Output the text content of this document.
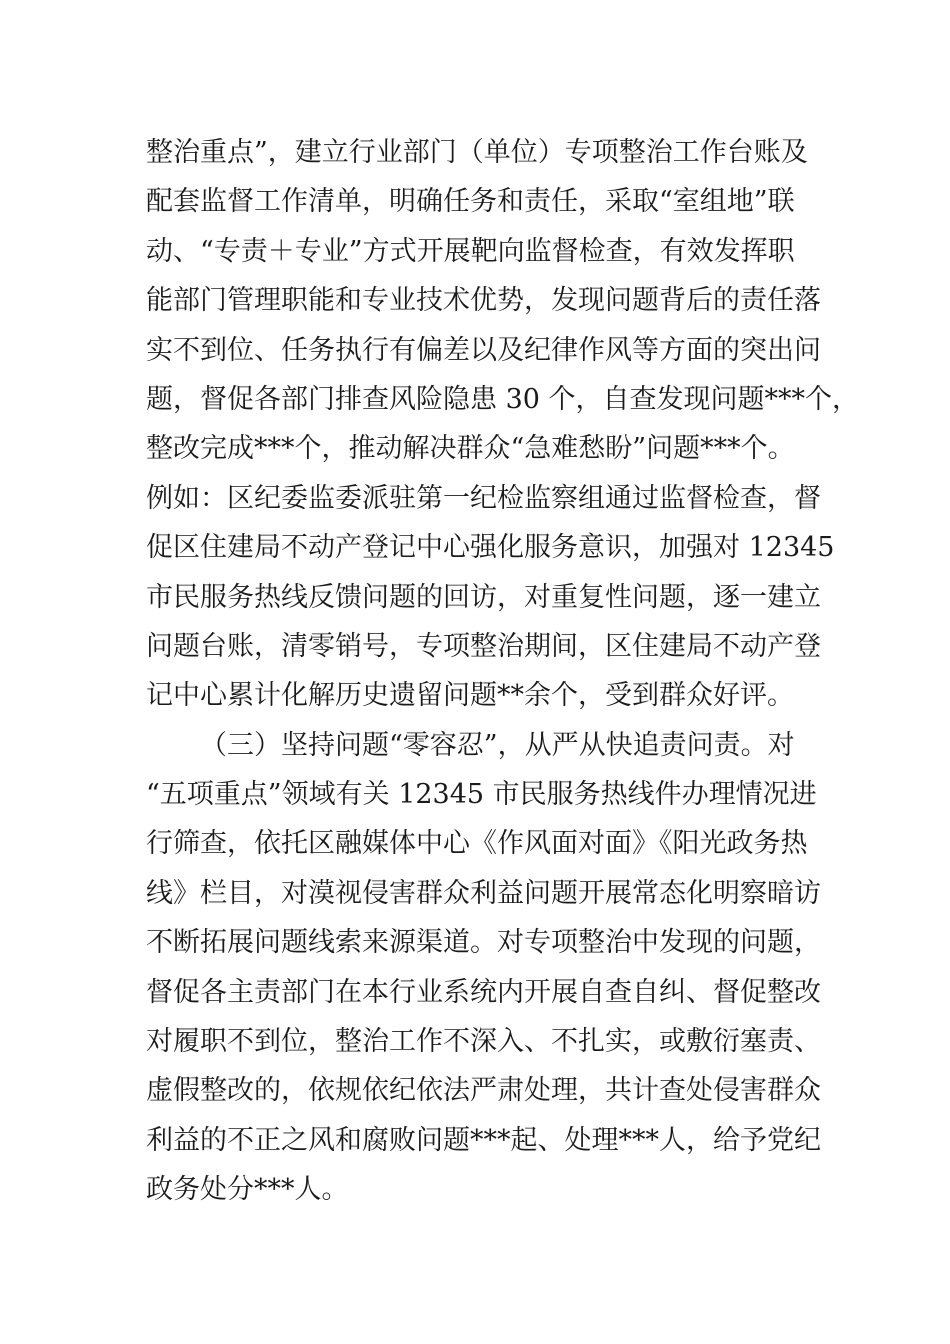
整治重点”，建立行业部门（单位）专项整治工作台账及
配套监督工作清单，明确任务和责任，采取“室组地”联
动、“专责＋专业”方式开展靶向监督检查，有效发挥职
能部门管理职能和专业技术优势，发现问题背后的责任落
实不到位、任务执行有偏差以及纪律作风等方面的突出问
题，督促各部门排查风险隐患 30 个，自查发现问题***个，
整改完成***个，推动解决群众“急难愁盼”问题***个。
例如：区纪委监委派驻第一纪检监察组通过监督检查，督
促区住建局不动产登记中心强化服务意识，加强对 12345
市民服务热线反馈问题的回访，对重复性问题，逐一建立
问题台账，清零销号，专项整治期间，区住建局不动产登
记中心累计化解历史遗留问题**余个，受到群众好评。
（三）坚持问题“零容忍”，从严从快追责问责。对
“五项重点”领域有关 12345 市民服务热线件办理情况进
行筛查，依托区融媒体中心《作风面对面》《阳光政务热
线》栏目，对漠视侵害群众利益问题开展常态化明察暗访
不断拓展问题线索来源渠道。对专项整治中发现的问题，
督促各主责部门在本行业系统内开展自查自纠、督促整改
对履职不到位，整治工作不深入、不扎实，或敷衍塞责、
虚假整改的，依规依纪依法严肃处理，共计查处侵害群众
利益的不正之风和腐败问题***起、处理***人，给予党纪
政务处分***人。
